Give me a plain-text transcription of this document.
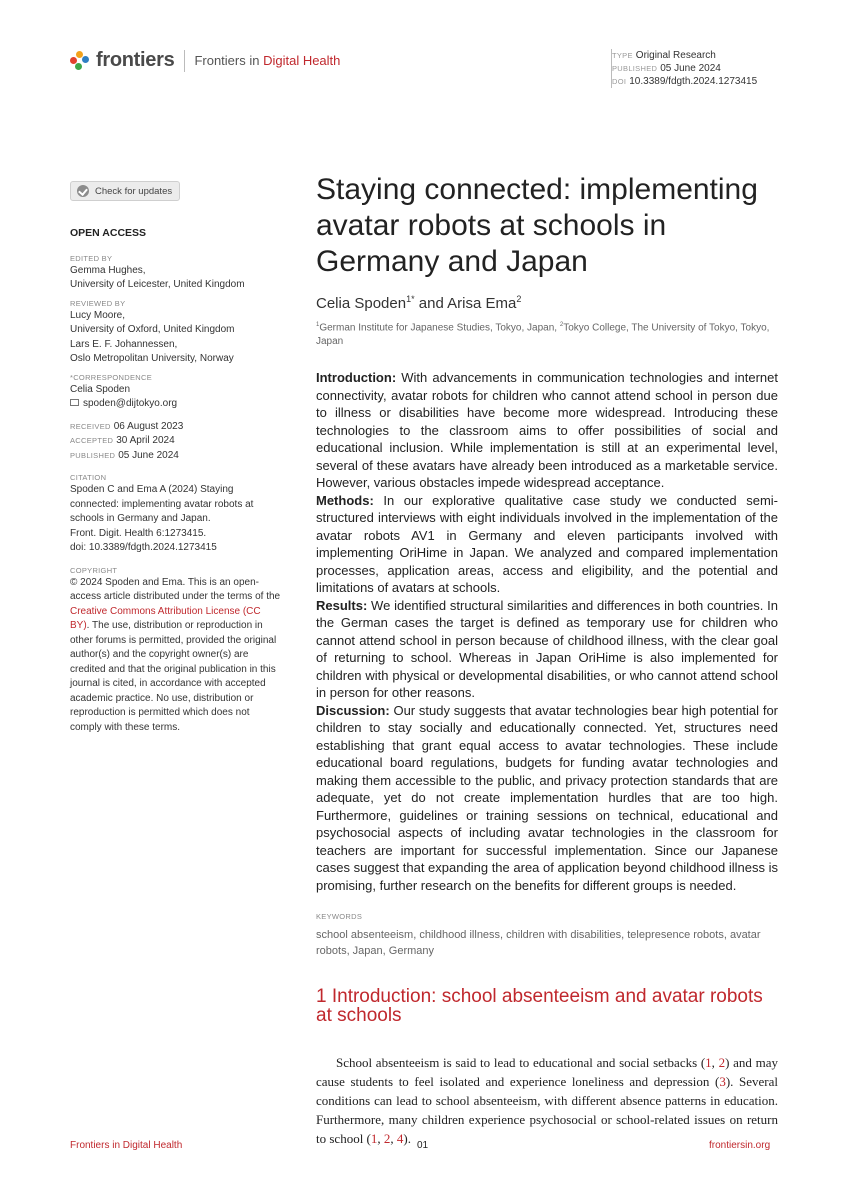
frontiers Frontiers in Digital Health	TYPE Original Research
PUBLISHED 05 June 2024
DOI 10.3389/fdgth.2024.1273415
Check for updates
OPEN ACCESS
EDITED BY
Gemma Hughes,
University of Leicester, United Kingdom
REVIEWED BY
Lucy Moore,
University of Oxford, United Kingdom
Lars E. F. Johannessen,
Oslo Metropolitan University, Norway
*CORRESPONDENCE
Celia Spoden
spoden@dijtokyo.org
RECEIVED 06 August 2023
ACCEPTED 30 April 2024
PUBLISHED 05 June 2024
CITATION
Spoden C and Ema A (2024) Staying connected: implementing avatar robots at schools in Germany and Japan.
Front. Digit. Health 6:1273415.
doi: 10.3389/fdgth.2024.1273415
COPYRIGHT
© 2024 Spoden and Ema. This is an open-access article distributed under the terms of the Creative Commons Attribution License (CC BY). The use, distribution or reproduction in other forums is permitted, provided the original author(s) and the copyright owner(s) are credited and that the original publication in this journal is cited, in accordance with accepted academic practice. No use, distribution or reproduction is permitted which does not comply with these terms.
Staying connected: implementing avatar robots at schools in Germany and Japan
Celia Spoden$^{1*}$ and Arisa Ema$^2$
$^1$German Institute for Japanese Studies, Tokyo, Japan, $^2$Tokyo College, The University of Tokyo, Tokyo, Japan

Introduction: With advancements in communication technologies and internet connectivity, avatar robots for children who cannot attend school in person due to illness or disabilities have become more widespread. Introducing these technologies to the classroom aims to offer possibilities of social and educational inclusion. While implementation is still at an experimental level, several of these avatars have already been introduced as a marketable service. However, various obstacles impede widespread acceptance.

Methods: In our explorative qualitative case study we conducted semi-structured interviews with eight individuals involved in the implementation of the avatar robots AV1 in Germany and eleven participants involved with implementing OriHime in Japan. We analyzed and compared implementation processes, application areas, access and eligibility, and the potential and limitations of avatars at schools.

Results: We identified structural similarities and differences in both countries. In the German cases the target is defined as temporary use for children who cannot attend school in person because of childhood illness, with the clear goal of returning to school. Whereas in Japan OriHime is also implemented for children with physical or developmental disabilities, or who cannot attend school in person for other reasons.

Discussion: Our study suggests that avatar technologies bear high potential for children to stay socially and educationally connected. Yet, structures need establishing that grant equal access to avatar technologies. These include educational board regulations, budgets for funding avatar technologies and making them accessible to the public, and privacy protection standards that are adequate, yet do not create implementation hurdles that are too high. Furthermore, guidelines or training sessions on technical, educational and psychosocial aspects of including avatar technologies in the classroom for teachers are important for successful implementation. Since our Japanese cases suggest that expanding the area of application beyond childhood illness is promising, further research on the benefits for different groups is needed.

KEYWORDS
school absenteeism, childhood illness, children with disabilities, telepresence robots, avatar robots, Japan, Germany
1 Introduction: school absenteeism and avatar robots at schools

School absenteeism is said to lead to educational and social setbacks (1, 2) and may cause students to feel isolated and experience loneliness and depression (3). Several conditions can lead to school absenteeism, with different absence patterns in education. Furthermore, many children experience psychosocial or school-related issues on return to school (1, 2, 4).

Frontiers in Digital Health	01	frontiersin.org
